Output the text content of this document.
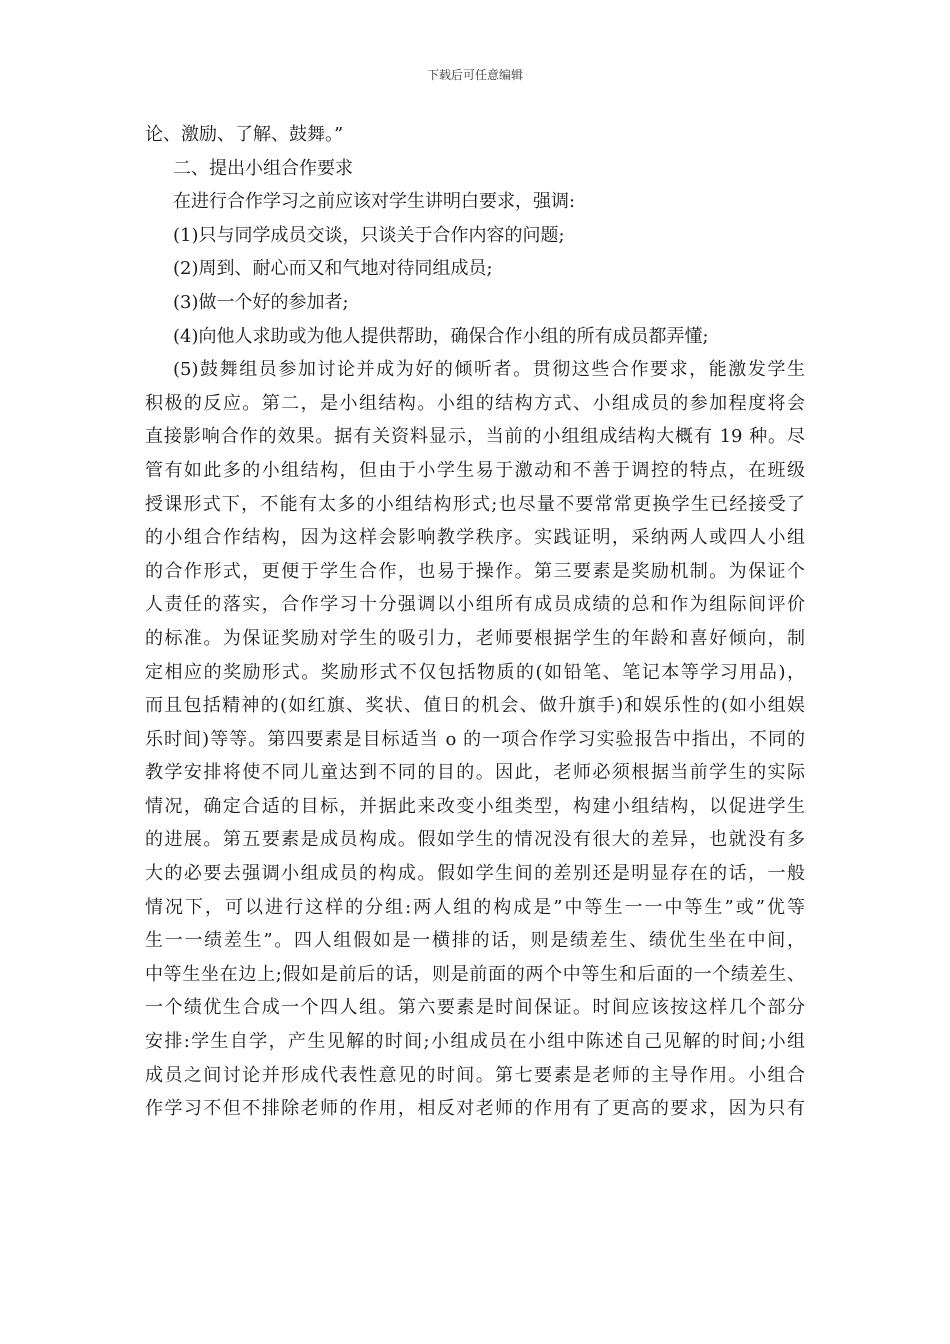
下载后可任意编辑
论、激励、了解、鼓舞。”
二、提出小组合作要求
在进行合作学习之前应该对学生讲明白要求，强调:
(1)只与同学成员交谈，只谈关于合作内容的问题;
(2)周到、耐心而又和气地对待同组成员;
(3)做一个好的参加者;
(4)向他人求助或为他人提供帮助，确保合作小组的所有成员都弄懂;
(5)鼓舞组员参加讨论并成为好的倾听者。贯彻这些合作要求，能激发学生
积极的反应。第二，是小组结构。小组的结构方式、小组成员的参加程度将会
直接影响合作的效果。据有关资料显示，当前的小组组成结构大概有 19 种。尽
管有如此多的小组结构，但由于小学生易于激动和不善于调控的特点，在班级
授课形式下，不能有太多的小组结构形式;也尽量不要常常更换学生已经接受了
的小组合作结构，因为这样会影响教学秩序。实践证明，采纳两人或四人小组
的合作形式，更便于学生合作，也易于操作。第三要素是奖励机制。为保证个
人责任的落实，合作学习十分强调以小组所有成员成绩的总和作为组际间评价
的标准。为保证奖励对学生的吸引力，老师要根据学生的年龄和喜好倾向，制
定相应的奖励形式。奖励形式不仅包括物质的(如铅笔、笔记本等学习用品)，
而且包括精神的(如红旗、奖状、值日的机会、做升旗手)和娱乐性的(如小组娱
乐时间)等等。第四要素是目标适当 o 的一项合作学习实验报告中指出，不同的
教学安排将使不同儿童达到不同的目的。因此，老师必须根据当前学生的实际
情况，确定合适的目标，并据此来改变小组类型，构建小组结构，以促进学生
的进展。第五要素是成员构成。假如学生的情况没有很大的差异，也就没有多
大的必要去强调小组成员的构成。假如学生间的差别还是明显存在的话，一般
情况下，可以进行这样的分组:两人组的构成是”中等生一一中等生”或”优等
生一一绩差生”。四人组假如是一横排的话，则是绩差生、绩优生坐在中间，
中等生坐在边上;假如是前后的话，则是前面的两个中等生和后面的一个绩差生、
一个绩优生合成一个四人组。第六要素是时间保证。时间应该按这样几个部分
安排:学生自学，产生见解的时间;小组成员在小组中陈述自己见解的时间;小组
成员之间讨论并形成代表性意见的时间。第七要素是老师的主导作用。小组合
作学习不但不排除老师的作用，相反对老师的作用有了更高的要求，因为只有
